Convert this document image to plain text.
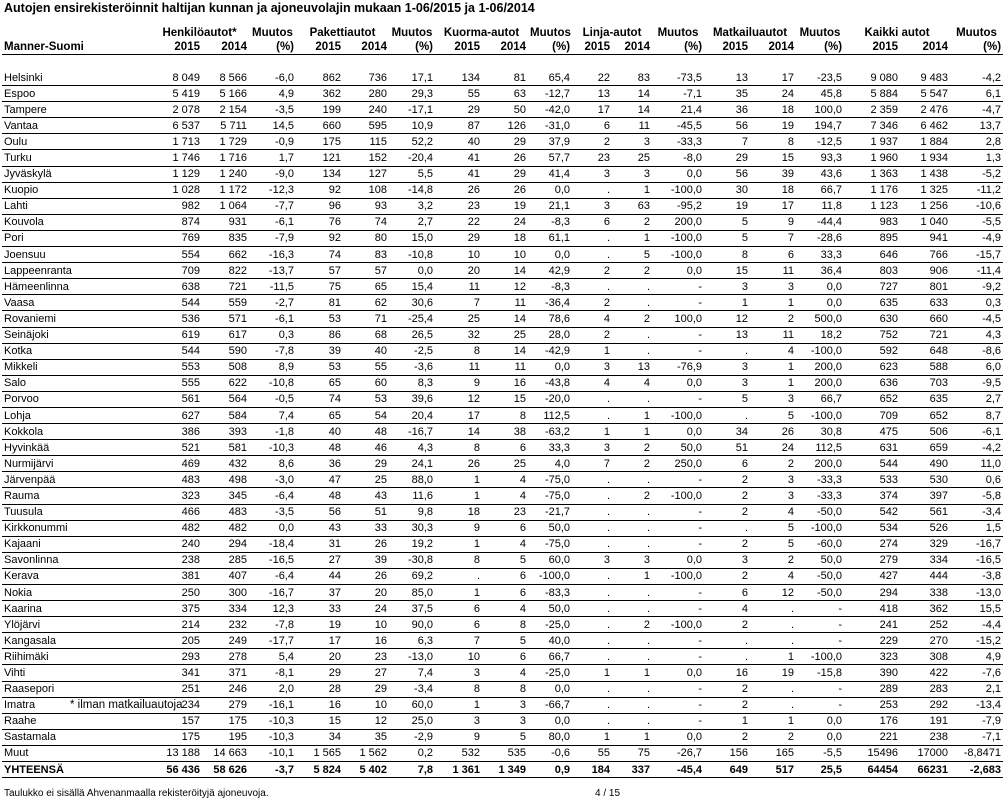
Autojen ensirekisteröinnit haltijan kunnan ja ajoneuvolajin mukaan 1-06/2015 ja 1-06/2014
	Henkilöautot*		Muutos	Pakettiautot		Muutos	Kuorma-autot		Muutos	Linja-autot		Muutos	Matkailuautot		Muutos	Kaikki autot		Muutos
Manner-Suomi	2015	2014	(%)	2015	2014	(%)	2015	2014	(%)	2015	2014	(%)	2015	2014	(%)	2015	2014	(%)

Helsinki	8 049	8 566	-6,0	862	736	17,1	134	81	65,4	22	83	-73,5	13	17	-23,5	9 080	9 483	-4,2
Espoo	5 419	5 166	4,9	362	280	29,3	55	63	-12,7	13	14	-7,1	35	24	45,8	5 884	5 547	6,1
Tampere	2 078	2 154	-3,5	199	240	-17,1	29	50	-42,0	17	14	21,4	36	18	100,0	2 359	2 476	-4,7
Vantaa	6 537	5 711	14,5	660	595	10,9	87	126	-31,0	6	11	-45,5	56	19	194,7	7 346	6 462	13,7
Oulu	1 713	1 729	-0,9	175	115	52,2	40	29	37,9	2	3	-33,3	7	8	-12,5	1 937	1 884	2,8
Turku	1 746	1 716	1,7	121	152	-20,4	41	26	57,7	23	25	-8,0	29	15	93,3	1 960	1 934	1,3
Jyväskylä	1 129	1 240	-9,0	134	127	5,5	41	29	41,4	3	3	0,0	56	39	43,6	1 363	1 438	-5,2
Kuopio	1 028	1 172	-12,3	92	108	-14,8	26	26	0,0	.	1	-100,0	30	18	66,7	1 176	1 325	-11,2
Lahti	982	1 064	-7,7	96	93	3,2	23	19	21,1	3	63	-95,2	19	17	11,8	1 123	1 256	-10,6
Kouvola	874	931	-6,1	76	74	2,7	22	24	-8,3	6	2	200,0	5	9	-44,4	983	1 040	-5,5
Pori	769	835	-7,9	92	80	15,0	29	18	61,1	.	1	-100,0	5	7	-28,6	895	941	-4,9
Joensuu	554	662	-16,3	74	83	-10,8	10	10	0,0	.	5	-100,0	8	6	33,3	646	766	-15,7
Lappeenranta	709	822	-13,7	57	57	0,0	20	14	42,9	2	2	0,0	15	11	36,4	803	906	-11,4
Hämeenlinna	638	721	-11,5	75	65	15,4	11	12	-8,3	.	.	-	3	3	0,0	727	801	-9,2
Vaasa	544	559	-2,7	81	62	30,6	7	11	-36,4	2	.	-	1	1	0,0	635	633	0,3
Rovaniemi	536	571	-6,1	53	71	-25,4	25	14	78,6	4	2	100,0	12	2	500,0	630	660	-4,5
Seinäjoki	619	617	0,3	86	68	26,5	32	25	28,0	2	.	-	13	11	18,2	752	721	4,3
Kotka	544	590	-7,8	39	40	-2,5	8	14	-42,9	1	.	-	.	4	-100,0	592	648	-8,6
Mikkeli	553	508	8,9	53	55	-3,6	11	11	0,0	3	13	-76,9	3	1	200,0	623	588	6,0
Salo	555	622	-10,8	65	60	8,3	9	16	-43,8	4	4	0,0	3	1	200,0	636	703	-9,5
Porvoo	561	564	-0,5	74	53	39,6	12	15	-20,0	.	.	-	5	3	66,7	652	635	2,7
Lohja	627	584	7,4	65	54	20,4	17	8	112,5	.	1	-100,0	.	5	-100,0	709	652	8,7
Kokkola	386	393	-1,8	40	48	-16,7	14	38	-63,2	1	1	0,0	34	26	30,8	475	506	-6,1
Hyvinkää	521	581	-10,3	48	46	4,3	8	6	33,3	3	2	50,0	51	24	112,5	631	659	-4,2
Nurmijärvi	469	432	8,6	36	29	24,1	26	25	4,0	7	2	250,0	6	2	200,0	544	490	11,0
Järvenpää	483	498	-3,0	47	25	88,0	1	4	-75,0	.	.	-	2	3	-33,3	533	530	0,6
Rauma	323	345	-6,4	48	43	11,6	1	4	-75,0	.	2	-100,0	2	3	-33,3	374	397	-5,8
Tuusula	466	483	-3,5	56	51	9,8	18	23	-21,7	.	.	-	2	4	-50,0	542	561	-3,4
Kirkkonummi	482	482	0,0	43	33	30,3	9	6	50,0	.	.	-	.	5	-100,0	534	526	1,5
Kajaani	240	294	-18,4	31	26	19,2	1	4	-75,0	.	.	-	2	5	-60,0	274	329	-16,7
Savonlinna	238	285	-16,5	27	39	-30,8	8	5	60,0	3	3	0,0	3	2	50,0	279	334	-16,5
Kerava	381	407	-6,4	44	26	69,2	.	6	-100,0	.	1	-100,0	2	4	-50,0	427	444	-3,8
Nokia	250	300	-16,7	37	20	85,0	1	6	-83,3	.	.	-	6	12	-50,0	294	338	-13,0
Kaarina	375	334	12,3	33	24	37,5	6	4	50,0	.	.	-	4	.	-	418	362	15,5
Ylöjärvi	214	232	-7,8	19	10	90,0	6	8	-25,0	.	2	-100,0	2	.	-	241	252	-4,4
Kangasala	205	249	-17,7	17	16	6,3	7	5	40,0	.	.	-	.	.	-	229	270	-15,2
Riihimäki	293	278	5,4	20	23	-13,0	10	6	66,7	.	.	-	.	1	-100,0	323	308	4,9
Vihti	341	371	-8,1	29	27	7,4	3	4	-25,0	1	1	0,0	16	19	-15,8	390	422	-7,6
Raasepori	251	246	2,0	28	29	-3,4	8	8	0,0	.	.	-	2	.	-	289	283	2,1
Imatra	234	279	-16,1	16	10	60,0	1	3	-66,7	.	.	-	2	.	-	253	292	-13,4
Raahe	157	175	-10,3	15	12	25,0	3	3	0,0	.	.	-	1	1	0,0	176	191	-7,9
Sastamala	175	195	-10,3	34	35	-2,9	9	5	80,0	1	1	0,0	2	2	0,0	221	238	-7,1
Muut	13 188	14 663	-10,1	1 565	1 562	0,2	532	535	-0,6	55	75	-26,7	156	165	-5,5	15496	17000	-8,8471
YHTEENSÄ	56 436	58 626	-3,7	5 824	5 402	7,8	1 361	1 349	0,9	184	337	-45,4	649	517	25,5	64454	66231	-2,683
* ilman matkailuautoja
Taulukko ei sisällä Ahvenanmaalla rekisteröityjä ajoneuvoja.	4 / 15
